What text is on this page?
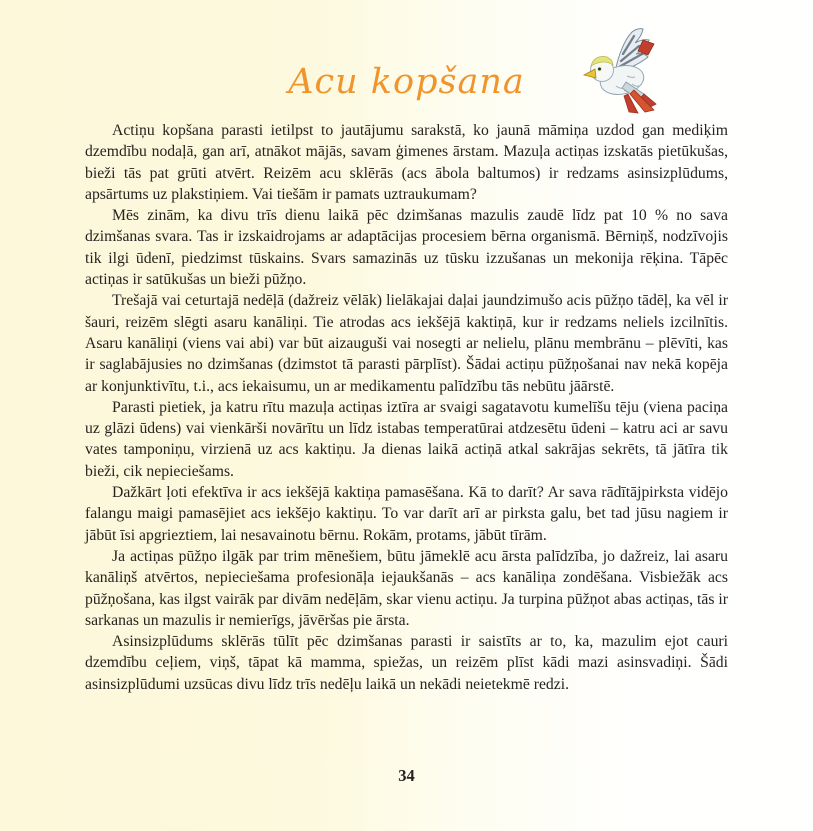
Acu kopšana

Actiņu kopšana parasti ietilpst to jautājumu sarakstā, ko jaunā māmiņa uzdod gan mediķim dzemdību nodaļā, gan arī, atnākot mājās, savam ģimenes ārstam. Mazuļa actiņas izskatās pietūkušas, bieži tās pat grūti atvērt. Reizēm acu sklērās (acs ābola baltumos) ir redzams asinsizplūdums, apsārtums uz plakstiņiem. Vai tiešām ir pamats uztraukumam?

Mēs zinām, ka divu trīs dienu laikā pēc dzimšanas mazulis zaudē līdz pat 10 % no sava dzimšanas svara. Tas ir izskaidrojams ar adaptācijas procesiem bērna organismā. Bērniņš, nodzīvojis tik ilgi ūdenī, piedzimst tūskains. Svars samazinās uz tūsku izzušanas un mekonija rēķina. Tāpēc actiņas ir satūkušas un bieži pūžņo.

Trešajā vai ceturtajā nedēļā (dažreiz vēlāk) lielākajai daļai jaundzimušo acis pūžņo tādēļ, ka vēl ir šauri, reizēm slēgti asaru kanāliņi. Tie atrodas acs iekšējā kaktiņā, kur ir redzams neliels izcilnītis. Asaru kanāliņi (viens vai abi) var būt aizauguši vai nosegti ar nelielu, plānu membrānu – plēvīti, kas ir saglabājusies no dzimšanas (dzimstot tā parasti pārplīst). Šādai actiņu pūžņošanai nav nekā kopēja ar konjunktivītu, t.i., acs iekaisumu, un ar medikamentu palīdzību tās nebūtu jāārstē.

Parasti pietiek, ja katru rītu mazuļa actiņas iztīra ar svaigi sagatavotu kumelīšu tēju (viena paciņa uz glāzi ūdens) vai vienkārši novārītu un līdz istabas temperatūrai atdzesētu ūdeni – katru aci ar savu vates tamponiņu, virzienā uz acs kaktiņu. Ja dienas laikā actiņā atkal sakrājas sekrēts, tā jātīra tik bieži, cik nepieciešams.

Dažkārt ļoti efektīva ir acs iekšējā kaktiņa pamasēšana. Kā to darīt? Ar sava rādītājpirksta vidējo falangu maigi pamasējiet acs iekšējo kaktiņu. To var darīt arī ar pirksta galu, bet tad jūsu nagiem ir jābūt īsi apgrieztiem, lai nesavainotu bērnu. Rokām, protams, jābūt tīrām.

Ja actiņas pūžņo ilgāk par trim mēnešiem, būtu jāmeklē acu ārsta palīdzība, jo dažreiz, lai asaru kanāliņš atvērtos, nepieciešama profesionāļa iejaukšanās – acs kanāliņa zondēšana. Visbiežāk acs pūžņošana, kas ilgst vairāk par divām nedēļām, skar vienu actiņu. Ja turpina pūžņot abas actiņas, tās ir sarkanas un mazulis ir nemierīgs, jāvēršas pie ārsta.

Asinsizplūdums sklērās tūlīt pēc dzimšanas parasti ir saistīts ar to, ka, mazulim ejot cauri dzemdību ceļiem, viņš, tāpat kā mamma, spiežas, un reizēm plīst kādi mazi asinsvadiņi. Šādi asinsizplūdumi uzsūcas divu līdz trīs nedēļu laikā un nekādi neietekmē redzi.

34
